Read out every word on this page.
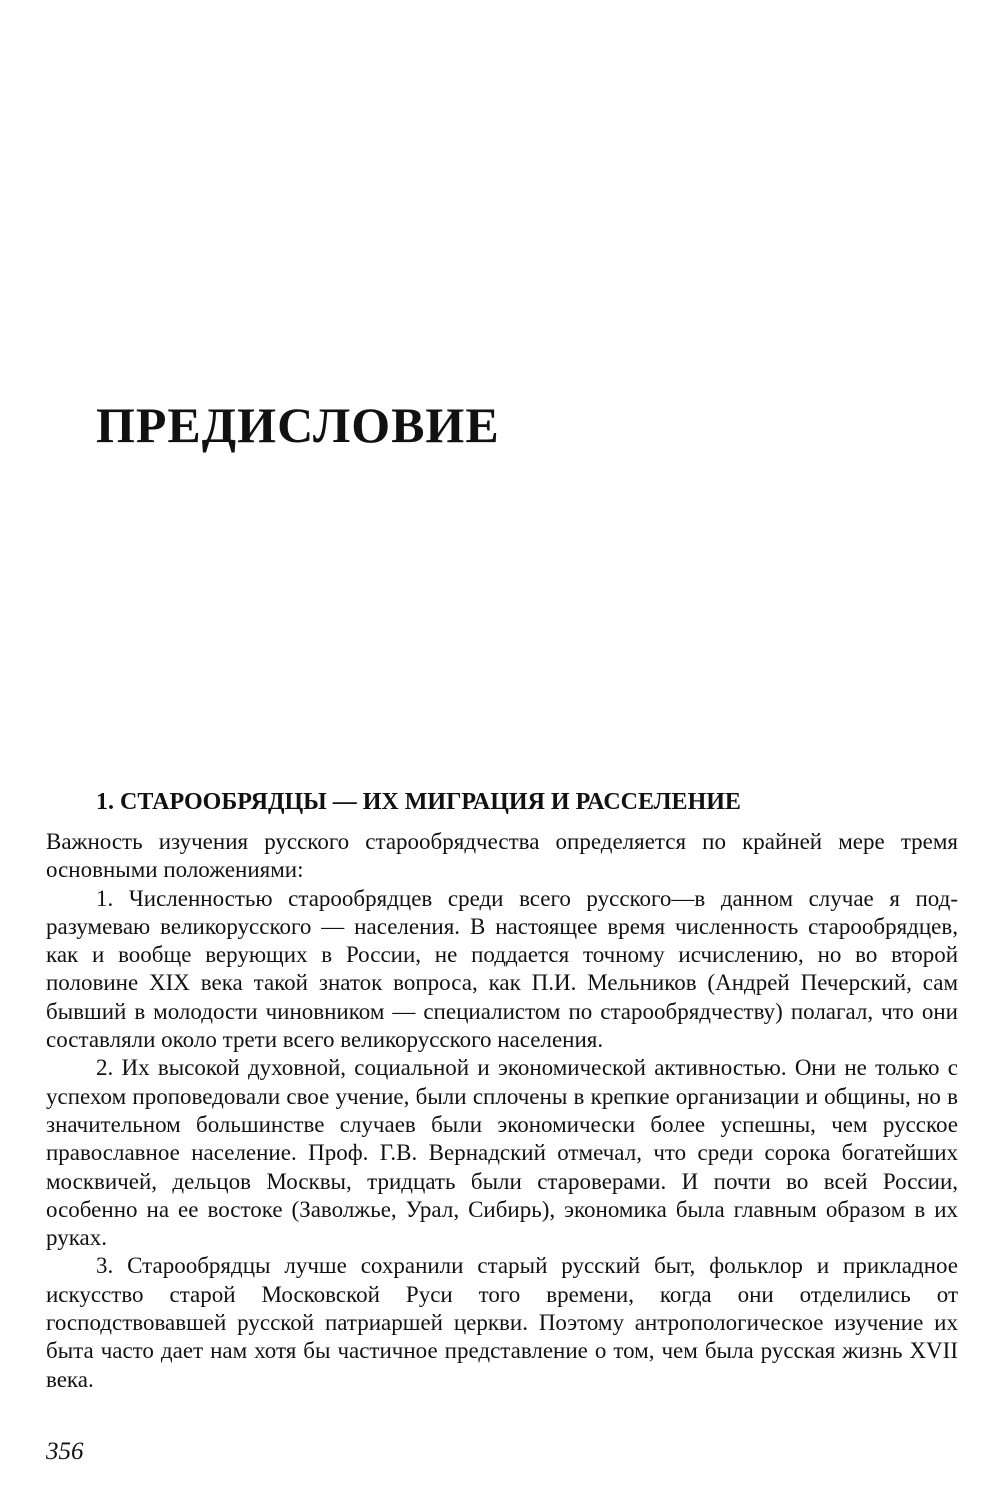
ПРЕДИСЛОВИЕ
1. СТАРООБРЯДЦЫ — ИХ МИГРАЦИЯ И РАССЕЛЕНИЕ

Важность изучения русского старообрядчества определяется по крайней мере тремя основными положениями:

1. Численностью старообрядцев среди всего русского—в данном случае я подразумеваю великорусского — населения. В настоящее время численность старообрядцев, как и вообще верующих в России, не поддается точному исчислению, но во второй половине XIX века такой знаток вопроса, как П.И. Мельников (Андрей Печерский, сам бывший в молодости чиновником — специалистом по старообрядчеству) полагал, что они составляли около трети всего великорусского населения.

2. Их высокой духовной, социальной и экономической активностью. Они не только с успехом проповедовали свое учение, были сплочены в крепкие организации и общины, но в значительном большинстве случаев были экономически более успешны, чем русское православное население. Проф. Г.В. Вернадский отмечал, что среди сорока богатейших москвичей, дельцов Москвы, тридцать были староверами. И почти во всей России, особенно на ее востоке (Заволжье, Урал, Сибирь), экономика была главным образом в их руках.

3. Старообрядцы лучше сохранили старый русский быт, фольклор и прикладное искусство старой Московской Руси того времени, когда они отделились от господствовавшей русской патриаршей церкви. Поэтому антропологическое изучение их быта часто дает нам хотя бы частичное представление о том, чем была русская жизнь XVII века.

356
